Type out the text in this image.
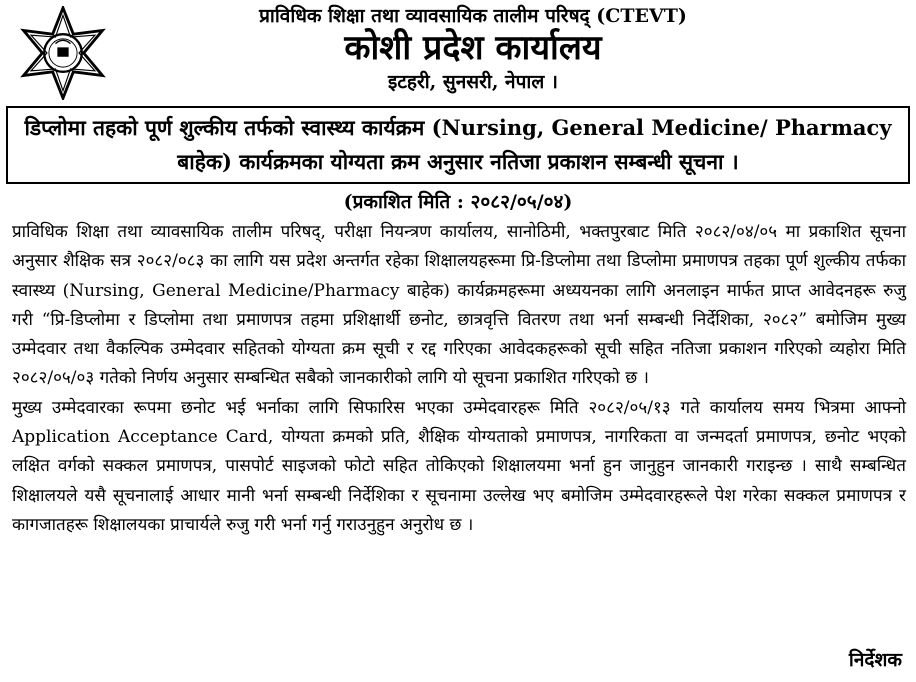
प्राविधिक शिक्षा तथा व्यावसायिक तालीम परिषद् (CTEVT)
कोशी प्रदेश कार्यालय
इटहरी, सुनसरी, नेपाल ।
डिप्लोमा तहको पूर्ण शुल्कीय तर्फको स्वास्थ्य कार्यक्रम (Nursing, General Medicine/ Pharmacy बाहेक) कार्यक्रमका योग्यता क्रम अनुसार नतिजा प्रकाशन सम्बन्धी सूचना ।
(प्रकाशित मिति : २०८२/०५/०४)

प्राविधिक शिक्षा तथा व्यावसायिक तालीम परिषद्, परीक्षा नियन्त्रण कार्यालय, सानोठिमी, भक्तपुरबाट मिति २०८२/०४/०५ मा प्रकाशित सूचना अनुसार शैक्षिक सत्र २०८२/०८३ का लागि यस प्रदेश अन्तर्गत रहेका शिक्षालयहरूमा प्रि-डिप्लोमा तथा डिप्लोमा प्रमाणपत्र तहका पूर्ण शुल्कीय तर्फका स्वास्थ्य (Nursing, General Medicine/Pharmacy बाहेक) कार्यक्रमहरूमा अध्ययनका लागि अनलाइन मार्फत प्राप्त आवेदनहरू रुजु गरी “प्रि-डिप्लोमा र डिप्लोमा तथा प्रमाणपत्र तहमा प्रशिक्षार्थी छनोट, छात्रवृत्ति वितरण तथा भर्ना सम्बन्धी निर्देशिका, २०८२” बमोजिम मुख्य उम्मेदवार तथा वैकल्पिक उम्मेदवार सहितको योग्यता क्रम सूची र रद्द गरिएका आवेदकहरूको सूची सहित नतिजा प्रकाशन गरिएको व्यहोरा मिति २०८२/०५/०३ गतेको निर्णय अनुसार सम्बन्धित सबैको जानकारीको लागि यो सूचना प्रकाशित गरिएको छ ।

मुख्य उम्मेदवारका रूपमा छनोट भई भर्नाका लागि सिफारिस भएका उम्मेदवारहरू मिति २०८२/०५/१३ गते कार्यालय समय भित्रमा आफ्नो Application Acceptance Card, योग्यता क्रमको प्रति, शैक्षिक योग्यताको प्रमाणपत्र, नागरिकता वा जन्मदर्ता प्रमाणपत्र, छनोट भएको लक्षित वर्गको सक्कल प्रमाणपत्र, पासपोर्ट साइजको फोटो सहित तोकिएको शिक्षालयमा भर्ना हुन जानुहुन जानकारी गराइन्छ । साथै सम्बन्धित शिक्षालयले यसै सूचनालाई आधार मानी भर्ना सम्बन्धी निर्देशिका र सूचनामा उल्लेख भए बमोजिम उम्मेदवारहरूले पेश गरेका सक्कल प्रमाणपत्र र कागजातहरू शिक्षालयका प्राचार्यले रुजु गरी भर्ना गर्नु गराउनुहुन अनुरोध छ ।

निर्देशक
